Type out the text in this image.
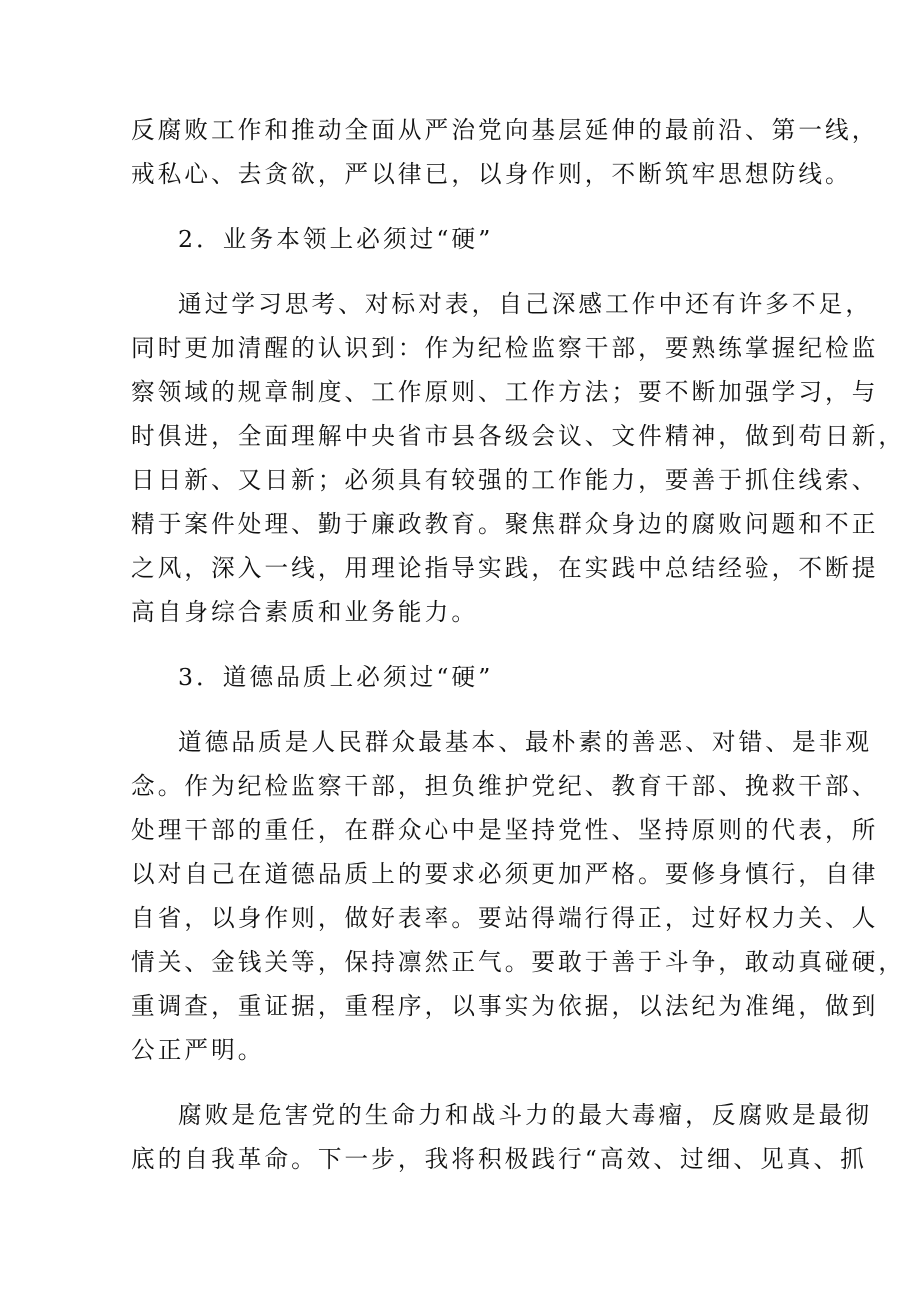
反腐败工作和推动全面从严治党向基层延伸的最前沿、第一线，
戒私心、去贪欲，严以律已，以身作则，不断筑牢思想防线。
2．业务本领上必须过“硬”
通过学习思考、对标对表，自己深感工作中还有许多不足，
同时更加清醒的认识到：作为纪检监察干部，要熟练掌握纪检监
察领域的规章制度、工作原则、工作方法；要不断加强学习，与
时俱进，全面理解中央省市县各级会议、文件精神，做到苟日新，
日日新、又日新；必须具有较强的工作能力，要善于抓住线索、
精于案件处理、勤于廉政教育。聚焦群众身边的腐败问题和不正
之风，深入一线，用理论指导实践，在实践中总结经验，不断提
高自身综合素质和业务能力。
3．道德品质上必须过“硬”
道德品质是人民群众最基本、最朴素的善恶、对错、是非观
念。作为纪检监察干部，担负维护党纪、教育干部、挽救干部、
处理干部的重任，在群众心中是坚持党性、坚持原则的代表，所
以对自己在道德品质上的要求必须更加严格。要修身慎行，自律
自省，以身作则，做好表率。要站得端行得正，过好权力关、人
情关、金钱关等，保持凛然正气。要敢于善于斗争，敢动真碰硬，
重调查，重证据，重程序，以事实为依据，以法纪为准绳，做到
公正严明。
腐败是危害党的生命力和战斗力的最大毒瘤，反腐败是最彻
底的自我革命。下一步，我将积极践行“高效、过细、见真、抓
